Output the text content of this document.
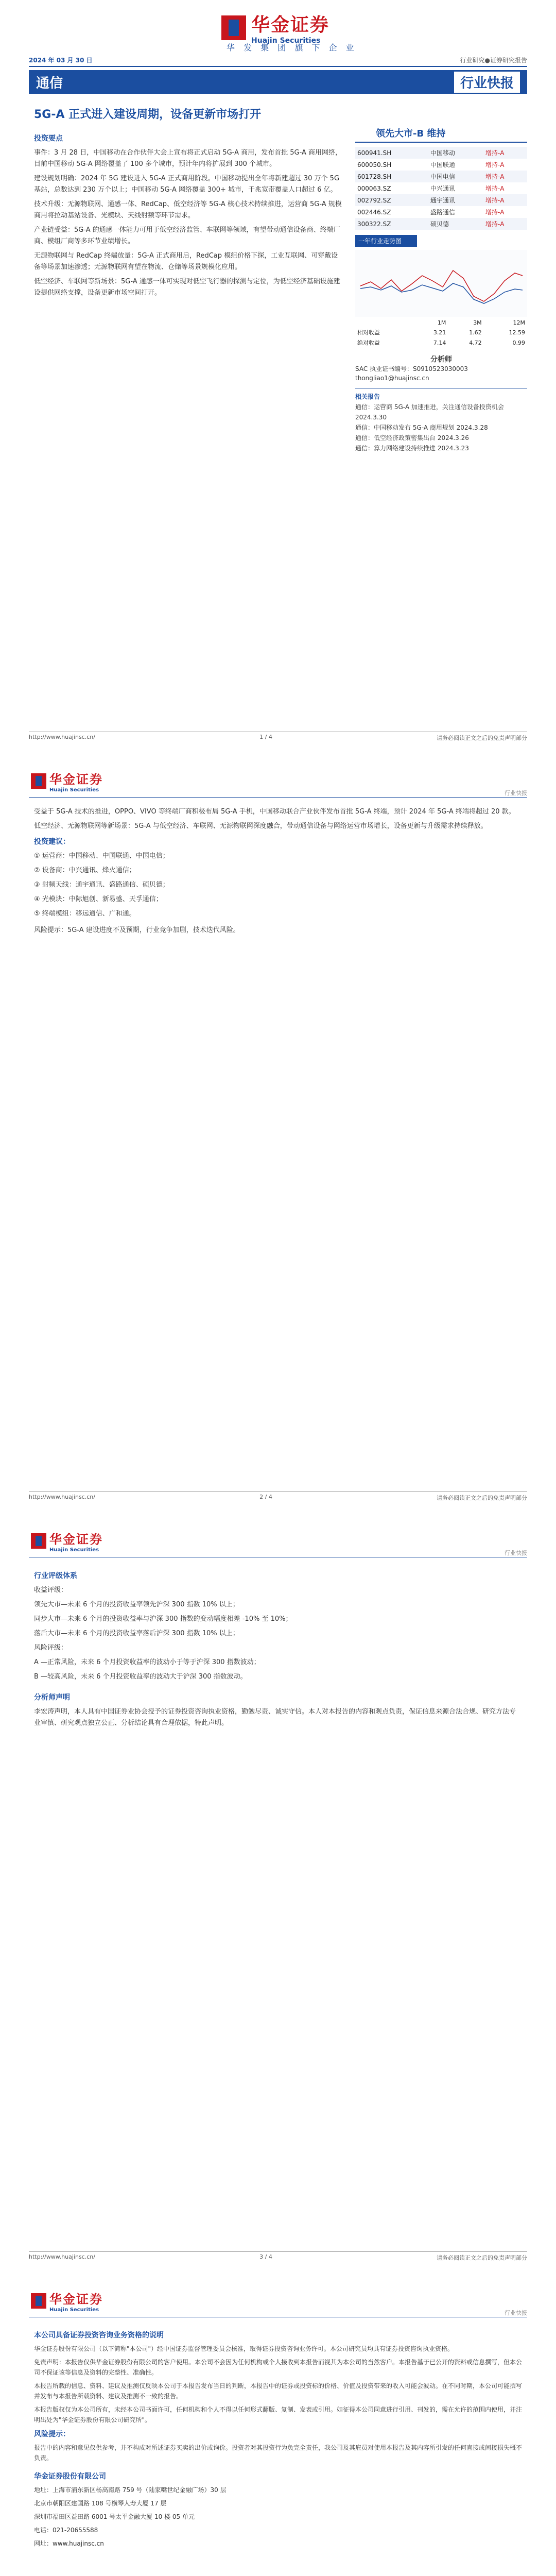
华金证券
Huajin Securities
华 发 集 团 旗 下 企 业
2024 年 03 月 30 日	行业研究●证券研究报告
通信	行业快报
5G-A 正式进入建设周期，设备更新市场打开
投资要点

事件：3 月 28 日，中国移动在合作伙伴大会上宣布将正式启动 5G-A 商用，发布首批 5G-A 商用网络，目前中国移动 5G-A 网络覆盖了 100 多个城市，预计年内将扩展到 300 个城市。

建设规划明确：2024 年 5G 建设进入 5G-A 正式商用阶段。中国移动提出全年将新建超过 30 万个 5G 基站，总数达到 230 万个以上；中国移动 5G-A 网络覆盖 300+ 城市，千兆宽带覆盖人口超过 6 亿。

技术升级：无源物联网、通感一体、RedCap、低空经济等 5G-A 核心技术持续推进，运营商 5G-A 规模商用将拉动基站设备、光模块、天线射频等环节需求。

产业链受益：5G-A 的通感一体能力可用于低空经济监管、车联网等领域，有望带动通信设备商、终端厂商、模组厂商等多环节业绩增长。

无源物联网与 RedCap 终端放量：5G-A 正式商用后，RedCap 模组价格下探，工业互联网、可穿戴设备等场景加速渗透；无源物联网有望在物流、仓储等场景规模化应用。

低空经济、车联网等新场景：5G-A 通感一体可实现对低空飞行器的探测与定位，为低空经济基础设施建设提供网络支撑，设备更新市场空间打开。

领先大市-B 维持
600941.SH	中国移动	增持-A
600050.SH	中国联通	增持-A
601728.SH	中国电信	增持-A
000063.SZ	中兴通讯	增持-A
002792.SZ	通宇通讯	增持-A
002446.SZ	盛路通信	增持-A
300322.SZ	硕贝德	增持-A
一年行业走势图
	1M	3M	12M
相对收益	3.21	1.62	12.59
绝对收益	7.14	4.72	0.99
分析师
SAC 执业证书编号：S0910523030003
thongliao1@huajinsc.cn
相关报告
通信：运营商 5G-A 加速推进，关注通信设备投资机会 2024.3.30
通信：中国移动发布 5G-A 商用规划 2024.3.28
通信：低空经济政策密集出台 2024.3.26
通信：算力网络建设持续推进 2024.3.23
http://www.huajinsc.cn/	1 / 4	请务必阅读正文之后的免责声明部分
华金证券
Huajin Securities	行业快报

受益于 5G-A 技术的推进，OPPO、VIVO 等终端厂商积极布局 5G-A 手机，中国移动联合产业伙伴发布首批 5G-A 终端，预计 2024 年 5G-A 终端将超过 20 款。

低空经济、无源物联网等新场景：5G-A 与低空经济、车联网、无源物联网深度融合，带动通信设备与网络运营市场增长，设备更新与升级需求持续释放。

投资建议：

① 运营商：中国移动、中国联通、中国电信；

② 设备商：中兴通讯、烽火通信；

③ 射频天线：通宇通讯、盛路通信、硕贝德；

④ 光模块：中际旭创、新易盛、天孚通信；

⑤ 终端模组：移远通信、广和通。

风险提示：5G-A 建设进度不及预期，行业竞争加剧，技术迭代风险。

http://www.huajinsc.cn/	2 / 4	请务必阅读正文之后的免责声明部分
华金证券
Huajin Securities	行业快报
行业评级体系

收益评级：

领先大市—未来 6 个月的投资收益率领先沪深 300 指数 10% 以上；

同步大市—未来 6 个月的投资收益率与沪深 300 指数的变动幅度相差 -10% 至 10%；

落后大市—未来 6 个月的投资收益率落后沪深 300 指数 10% 以上；

风险评级：

A —正常风险，未来 6 个月投资收益率的波动小于等于沪深 300 指数波动；

B —较高风险，未来 6 个月投资收益率的波动大于沪深 300 指数波动。

分析师声明

李宏涛声明，本人具有中国证券业协会授予的证券投资咨询执业资格，勤勉尽责、诚实守信。本人对本报告的内容和观点负责，保证信息来源合法合规、研究方法专业审慎、研究观点独立公正、分析结论具有合理依据，特此声明。

http://www.huajinsc.cn/	3 / 4	请务必阅读正文之后的免责声明部分
华金证券
Huajin Securities	行业快报
本公司具备证券投资咨询业务资格的说明

华金证券股份有限公司（以下简称"本公司"）经中国证券监督管理委员会核准，取得证券投资咨询业务许可。本公司研究员均具有证券投资咨询执业资格。

免责声明：本报告仅供华金证券股份有限公司的客户使用。本公司不会因为任何机构或个人接收到本报告而视其为本公司的当然客户。本报告基于已公开的资料或信息撰写，但本公司不保证该等信息及资料的完整性、准确性。

本报告所载的信息、资料、建议及推测仅反映本公司于本报告发布当日的判断，本报告中的证券或投资标的价格、价值及投资带来的收入可能会波动。在不同时期，本公司可能撰写并发布与本报告所载资料、建议及推测不一致的报告。

本报告版权仅为本公司所有，未经本公司书面许可，任何机构和个人不得以任何形式翻版、复制、发表或引用。如征得本公司同意进行引用、刊发的，需在允许的范围内使用，并注明出处为"华金证券股份有限公司研究所"。

风险提示：

报告中的内容和意见仅供参考，并不构成对所述证券买卖的出价或询价。投资者对其投资行为负完全责任，我公司及其雇员对使用本报告及其内容所引发的任何直接或间接损失概不负责。

华金证券股份有限公司

地址：上海市浦东新区杨高南路 759 号（陆家嘴世纪金融广场）30 层

北京市朝阳区建国路 108 号横琴人寿大厦 17 层

深圳市福田区益田路 6001 号太平金融大厦 10 楼 05 单元

电话：021-20655588

网址：www.huajinsc.cn
